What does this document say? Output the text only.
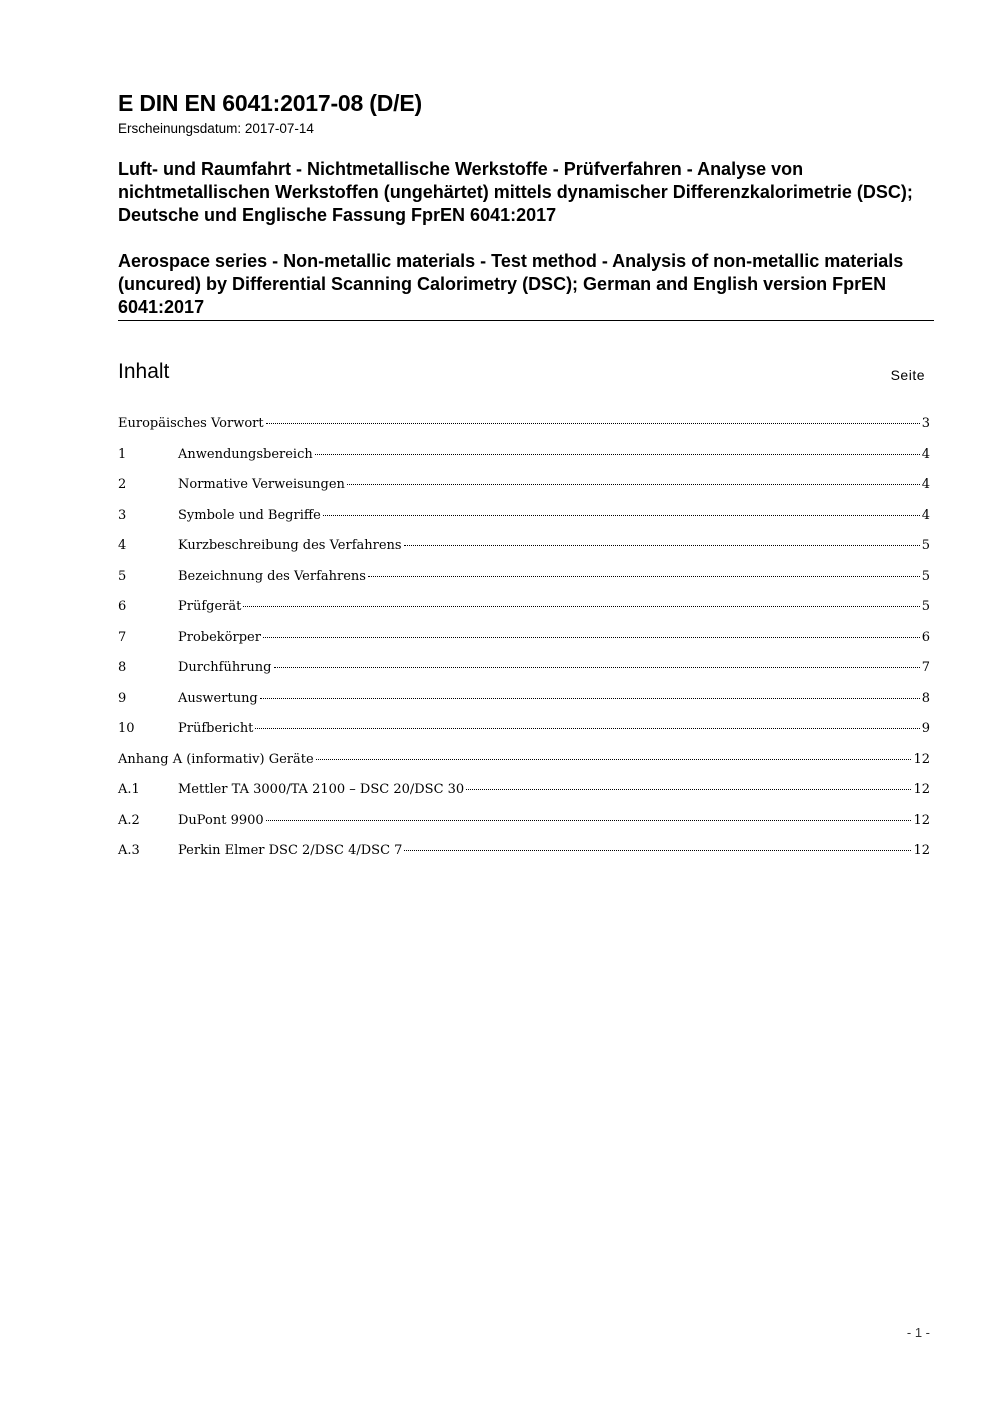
E DIN EN 6041:2017-08 (D/E)
Erscheinungsdatum: 2017-07-14

Luft- und Raumfahrt - Nichtmetallische Werkstoffe - Prüfverfahren - Analyse von nichtmetallischen Werkstoffen (ungehärtet) mittels dynamischer Differenzkalorimetrie (DSC); Deutsche und Englische Fassung FprEN 6041:2017

Aerospace series - Non-metallic materials - Test method - Analysis of non-metallic materials (uncured) by Differential Scanning Calorimetry (DSC); German and English version FprEN 6041:2017

Inhalt	Seite
Europäisches Vorwort	3
1	Anwendungsbereich	4
2	Normative Verweisungen	4
3	Symbole und Begriffe	4
4	Kurzbeschreibung des Verfahrens	5
5	Bezeichnung des Verfahrens	5
6	Prüfgerät	5
7	Probekörper	6
8	Durchführung	7
9	Auswertung	8
10	Prüfbericht	9
Anhang A (informativ) Geräte	12
A.1	Mettler TA 3000/TA 2100 – DSC 20/DSC 30	12
A.2	DuPont 9900	12
A.3	Perkin Elmer DSC 2/DSC 4/DSC 7	12
- 1 -
